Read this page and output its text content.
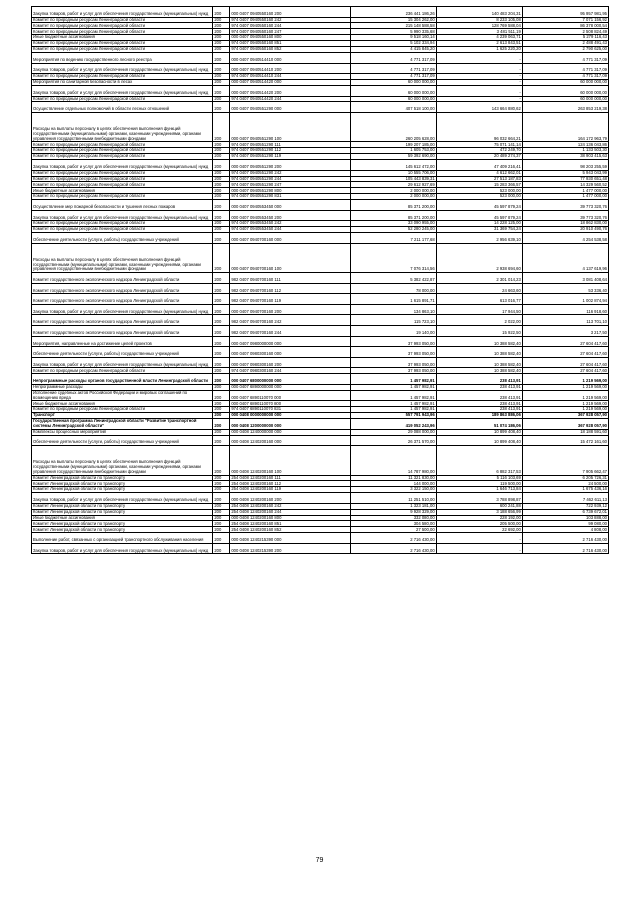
Закупка товаров, работ и услуг для обеспечения государственных (муниципальных) нужд	200	000 0407 0940550160 200	236 441 186,26	140 483 204,31	95 957 981,95
Комитет по природным ресурсам Ленинградской области	200	974 0407 0940550160 242	15 304 262,00	8 233 105,08	7 071 156,92
Комитет по природным ресурсам Ленинградской области	200	974 0407 0940550160 244	215 148 588,58	128 769 588,04	86 378 000,54
Комитет по природным ресурсам Ленинградской области	200	974 0407 0940550160 247	5 990 335,68	3 481 511,19	2 508 824,49
Иные бюджетные ассигнования	200	000 0407 0940550160 800	9 518 160,14	4 239 063,71	5 279 116,43
Комитет по природным ресурсам Ленинградской области	200	974 0407 0940550160 851	5 102 334,94	2 613 843,51	2 488 491,43
Комитет по природным ресурсам Ленинградской области	200	974 0407 0940550160 852	4 415 845,20	1 625 220,20	2 790 625,00
Мероприятия по ведению государственного лесного реестра	200	000 0407 0940514410 000	4 771 317,09	-	4 771 317,09
Закупка товаров, работ и услуг для обеспечения государственных (муниципальных) нужд	200	000 0407 0940514410 200	4 771 317,09	-	4 771 317,09
Комитет по природным ресурсам Ленинградской области	200	974 0407 0940514410 244	4 771 317,09	-	4 771 317,09
Мероприятия по санитарной безопасности в лесах	200	000 0407 0940514420 000	60 000 000,00	-	60 000 000,00
Закупка товаров, работ и услуг для обеспечения государственных (муниципальных) нужд	200	000 0407 0940514420 200	60 000 000,00	-	60 000 000,00
Комитет по природным ресурсам Ленинградской области	200	974 0407 0940514420 244	60 000 000,00	-	60 000 000,00
Осуществление отдельных полномочий в области лесных отношений	200	000 0407 0940551290 000	407 518 100,00	143 664 880,62	263 853 219,38
Расходы на выплаты персоналу в целях обеспечения выполнения функций государственными (муниципальными) органами, казенными учреждениями, органами управления государственными внебюджетными фондами	200	000 0407 0940551290 100	260 205 628,00	96 032 664,21	164 172 963,79
Комитет по природным ресурсам Ленинградской области	200	974 0407 0940551290 111	199 207 185,00	75 071 141,14	124 136 043,86
Комитет по природным ресурсам Ленинградской области	200	974 0407 0940551290 112	1 605 753,00	472 249,70	1 133 503,30
Комитет по природным ресурсам Ленинградской области	200	974 0407 0940551290 119	59 392 690,00	20 489 274,37	38 903 415,63
Закупка товаров, работ и услуг для обеспечения государственных (муниципальных) нужд	200	000 0407 0940551290 200	145 612 472,00	47 409 216,41	98 203 255,59
Комитет по природным ресурсам Ленинградской области	200	974 0407 0940551290 242	10 555 706,00	4 612 662,01	5 943 043,99
Комитет по природным ресурсам Ленинградской области	200	974 0407 0940551290 244	105 443 839,31	27 513 187,83	77 930 651,48
Комитет по природным ресурсам Ленинградской области	200	974 0407 0940551290 247	29 612 927,69	15 283 366,57	14 329 560,52
Иные бюджетные ассигнования	200	000 0407 0940551290 800	2 000 000,00	523 000,00	1 477 000,00
Комитет по природным ресурсам Ленинградской области	200	974 0407 0940551290 831	2 000 000,00	523 000,00	1 477 000,00
Осуществление мер пожарной безопасности и тушения лесных пожаров	200	000 0407 0940553450 000	85 371 200,00	45 597 879,24	39 773 320,76
Закупка товаров, работ и услуг для обеспечения государственных (муниципальных) нужд	200	000 0407 0940553450 200	85 371 200,00	45 597 879,24	39 773 320,76
Комитет по природным ресурсам Ленинградской области	200	974 0407 0940553450 242	33 090 955,00	14 228 125,00	18 862 830,00
Комитет по природным ресурсам Ленинградской области	200	974 0407 0940553450 244	52 280 245,00	31 369 754,24	20 910 490,76
Обеспечение деятельности (услуги, работы) государственных учреждений	200	000 0407 0940700160 000	7 211 177,68	2 956 639,10	4 254 538,58
Расходы на выплаты персоналу в целях обеспечения выполнения функций государственными (муниципальными) органами, казенными учреждениями, органами управления государственными внебюджетными фондами	200	000 0407 0940700160 100	7 076 314,56	2 938 694,60	4 137 619,96
Комитет государственного экологического надзора Ленинградской области	200	982 0407 0940700160 111	5 382 422,87	2 301 014,23	3 081 408,64
Комитет государственного экологического надзора Ленинградской области	200	982 0407 0940700160 112	78 000,00	24 663,60	53 336,40
Комитет государственного экологического надзора Ленинградской области	200	982 0407 0940700160 119	1 615 891,71	613 016,77	1 002 874,94
Закупка товаров, работ и услуг для обеспечения государственных (муниципальных) нужд	200	000 0407 0940700160 200	134 863,10	17 944,50	116 918,60
Комитет государственного экологического надзора Ленинградской области	200	982 0407 0940700160 242	115 723,10	2 022,00	113 701,10
Комитет государственного экологического надзора Ленинградской области	200	982 0407 0940700160 244	19 140,00	15 922,50	3 217,50
Мероприятия, направленные на достижение целей проектов	200	000 0407 0980000000 000	37 993 050,00	10 388 582,40	27 604 417,60
Обеспечение деятельности (услуги, работы) государственных учреждений	200	000 0407 0980300160 000	37 993 050,00	10 388 582,40	27 604 417,60
Закупка товаров, работ и услуг для обеспечения государственных (муниципальных) нужд	200	000 0407 0980300160 200	37 993 050,00	10 388 582,40	27 604 417,60
Комитет по природным ресурсам Ленинградской области	200	974 0407 0980300160 244	37 993 050,00	10 388 582,40	27 604 417,60
Непрограммные расходы органов государственной власти Ленинградской области	200	000 0407 6800000000 000	1 457 982,91	238 413,91	1 219 569,00
Непрограммные расходы	200	000 0407 6890000000 000	1 457 982,91	238 413,91	1 219 569,00
Исполнение судебных актов Российской Федерации и мировых соглашений по возмещению вреда	200	000 0407 6890110070 000	1 457 982,91	238 413,91	1 219 569,00
Иные бюджетные ассигнования	200	000 0407 6890110070 800	1 457 982,91	238 413,91	1 219 569,00
Комитет по природным ресурсам Ленинградской области	200	974 0407 6890110070 831	1 457 982,91	238 413,91	1 219 569,00
Транспорт	200	000 0408 0000000000 000	557 791 943,96	189 863 886,06	367 928 057,90
Государственная программа Ленинградской области "Развитие транспортной системы Ленинградской области"	200	000 0408 1200000000 000	419 052 243,96	51 074 186,06	367 928 057,90
Комплексы процессных мероприятий	200	000 0408 1240000000 000	29 088 000,00	10 899 408,40	18 188 591,60
Обеспечение деятельности (услуги, работы) государственных учреждений	200	000 0408 1240200160 000	26 371 570,00	10 899 408,40	15 472 161,60
Расходы на выплаты персоналу в целях обеспечения выполнения функций государственными (муниципальными) органами, казенными учреждениями, органами управления государственными внебюджетными фондами	200	000 0408 1240200160 100	14 787 980,00	6 882 317,53	7 905 662,47
Комитет Ленинградской области по транспорту	200	254 0408 1240200160 111	11 321 830,00	5 116 103,69	6 205 726,31
Комитет Ленинградской области по транспорту	200	254 0408 1240200160 112	144 000,00	119 500,00	24 500,00
Комитет Ленинградской области по транспорту	200	254 0408 1240200160 119	3 322 150,00	1 646 713,84	1 675 436,16
Закупка товаров, работ и услуг для обеспечения государственных (муниципальных) нужд	200	000 0408 1240200160 200	11 251 510,00	3 788 898,87	7 462 611,13
Комитет Ленинградской области по транспорту	200	254 0408 1240200160 242	1 323 181,00	600 241,88	722 939,12
Комитет Ленинградской области по транспорту	200	254 0408 1240200160 244	9 928 329,00	3 188 656,99	6 739 672,01
Иные бюджетные ассигнования	200	000 0408 1240200160 800	332 080,00	228 192,00	103 888,00
Комитет Ленинградской области по транспорту	200	254 0408 1240200160 851	304 580,00	205 500,00	99 080,00
Комитет Ленинградской области по транспорту	200	254 0408 1240200160 852	27 500,00	22 692,00	4 808,00
Выполнение работ, связанных с организацией транспортного обслуживания населения	200	000 0408 1240215390 000	2 716 430,00	-	2 716 430,00
Закупка товаров, работ и услуг для обеспечения государственных (муниципальных) нужд	200	000 0408 1240215390 200	2 716 430,00	-	2 716 430,00
79
